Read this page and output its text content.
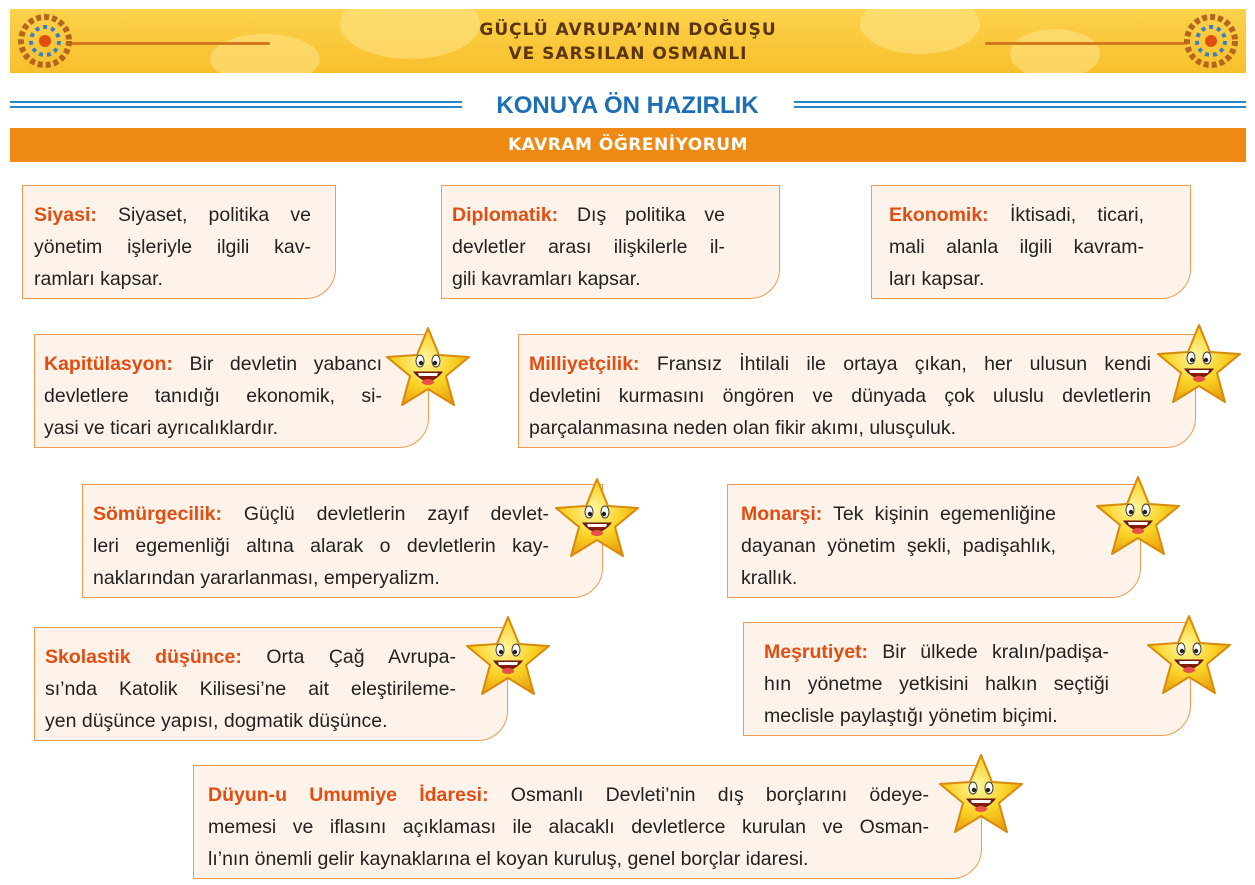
GÜÇLÜ AVRUPA’NIN DOĞUŞU
VE SARSILAN OSMANLI
KONUYA ÖN HAZIRLIK
KAVRAM ÖĞRENİYORUM
Siyasi: Siyaset, politika ve
yönetim işleriyle ilgili kav-
ramları kapsar.
Diplomatik: Dış politika ve
devletler arası ilişkilerle il-
gili kavramları kapsar.
Ekonomik: İktisadi, ticari,
mali alanla ilgili kavram-
ları kapsar.
Kapitülasyon: Bir devletin yabancı
devletlere tanıdığı ekonomik, si-
yasi ve ticari ayrıcalıklardır.
Milliyetçilik: Fransız İhtilali ile ortaya çıkan, her ulusun kendi
devletini kurmasını öngören ve dünyada çok uluslu devletlerin
parçalanmasına neden olan fikir akımı, ulusçuluk.
Sömürgecilik: Güçlü devletlerin zayıf devlet-
leri egemenliği altına alarak o devletlerin kay-
naklarından yararlanması, emperyalizm.
Monarşi: Tek kişinin egemenliğine
dayanan yönetim şekli, padişahlık,
krallık.
Skolastik düşünce: Orta Çağ Avrupa-
sı’nda Katolik Kilisesi’ne ait eleştirileme-
yen düşünce yapısı, dogmatik düşünce.
Meşrutiyet: Bir ülkede kralın/padişa-
hın yönetme yetkisini halkın seçtiği
meclisle paylaştığı yönetim biçimi.
Düyun-u Umumiye İdaresi: Osmanlı Devleti’nin dış borçlarını ödeye-
memesi ve iflasını açıklaması ile alacaklı devletlerce kurulan ve Osman-
lı’nın önemli gelir kaynaklarına el koyan kuruluş, genel borçlar idaresi.
